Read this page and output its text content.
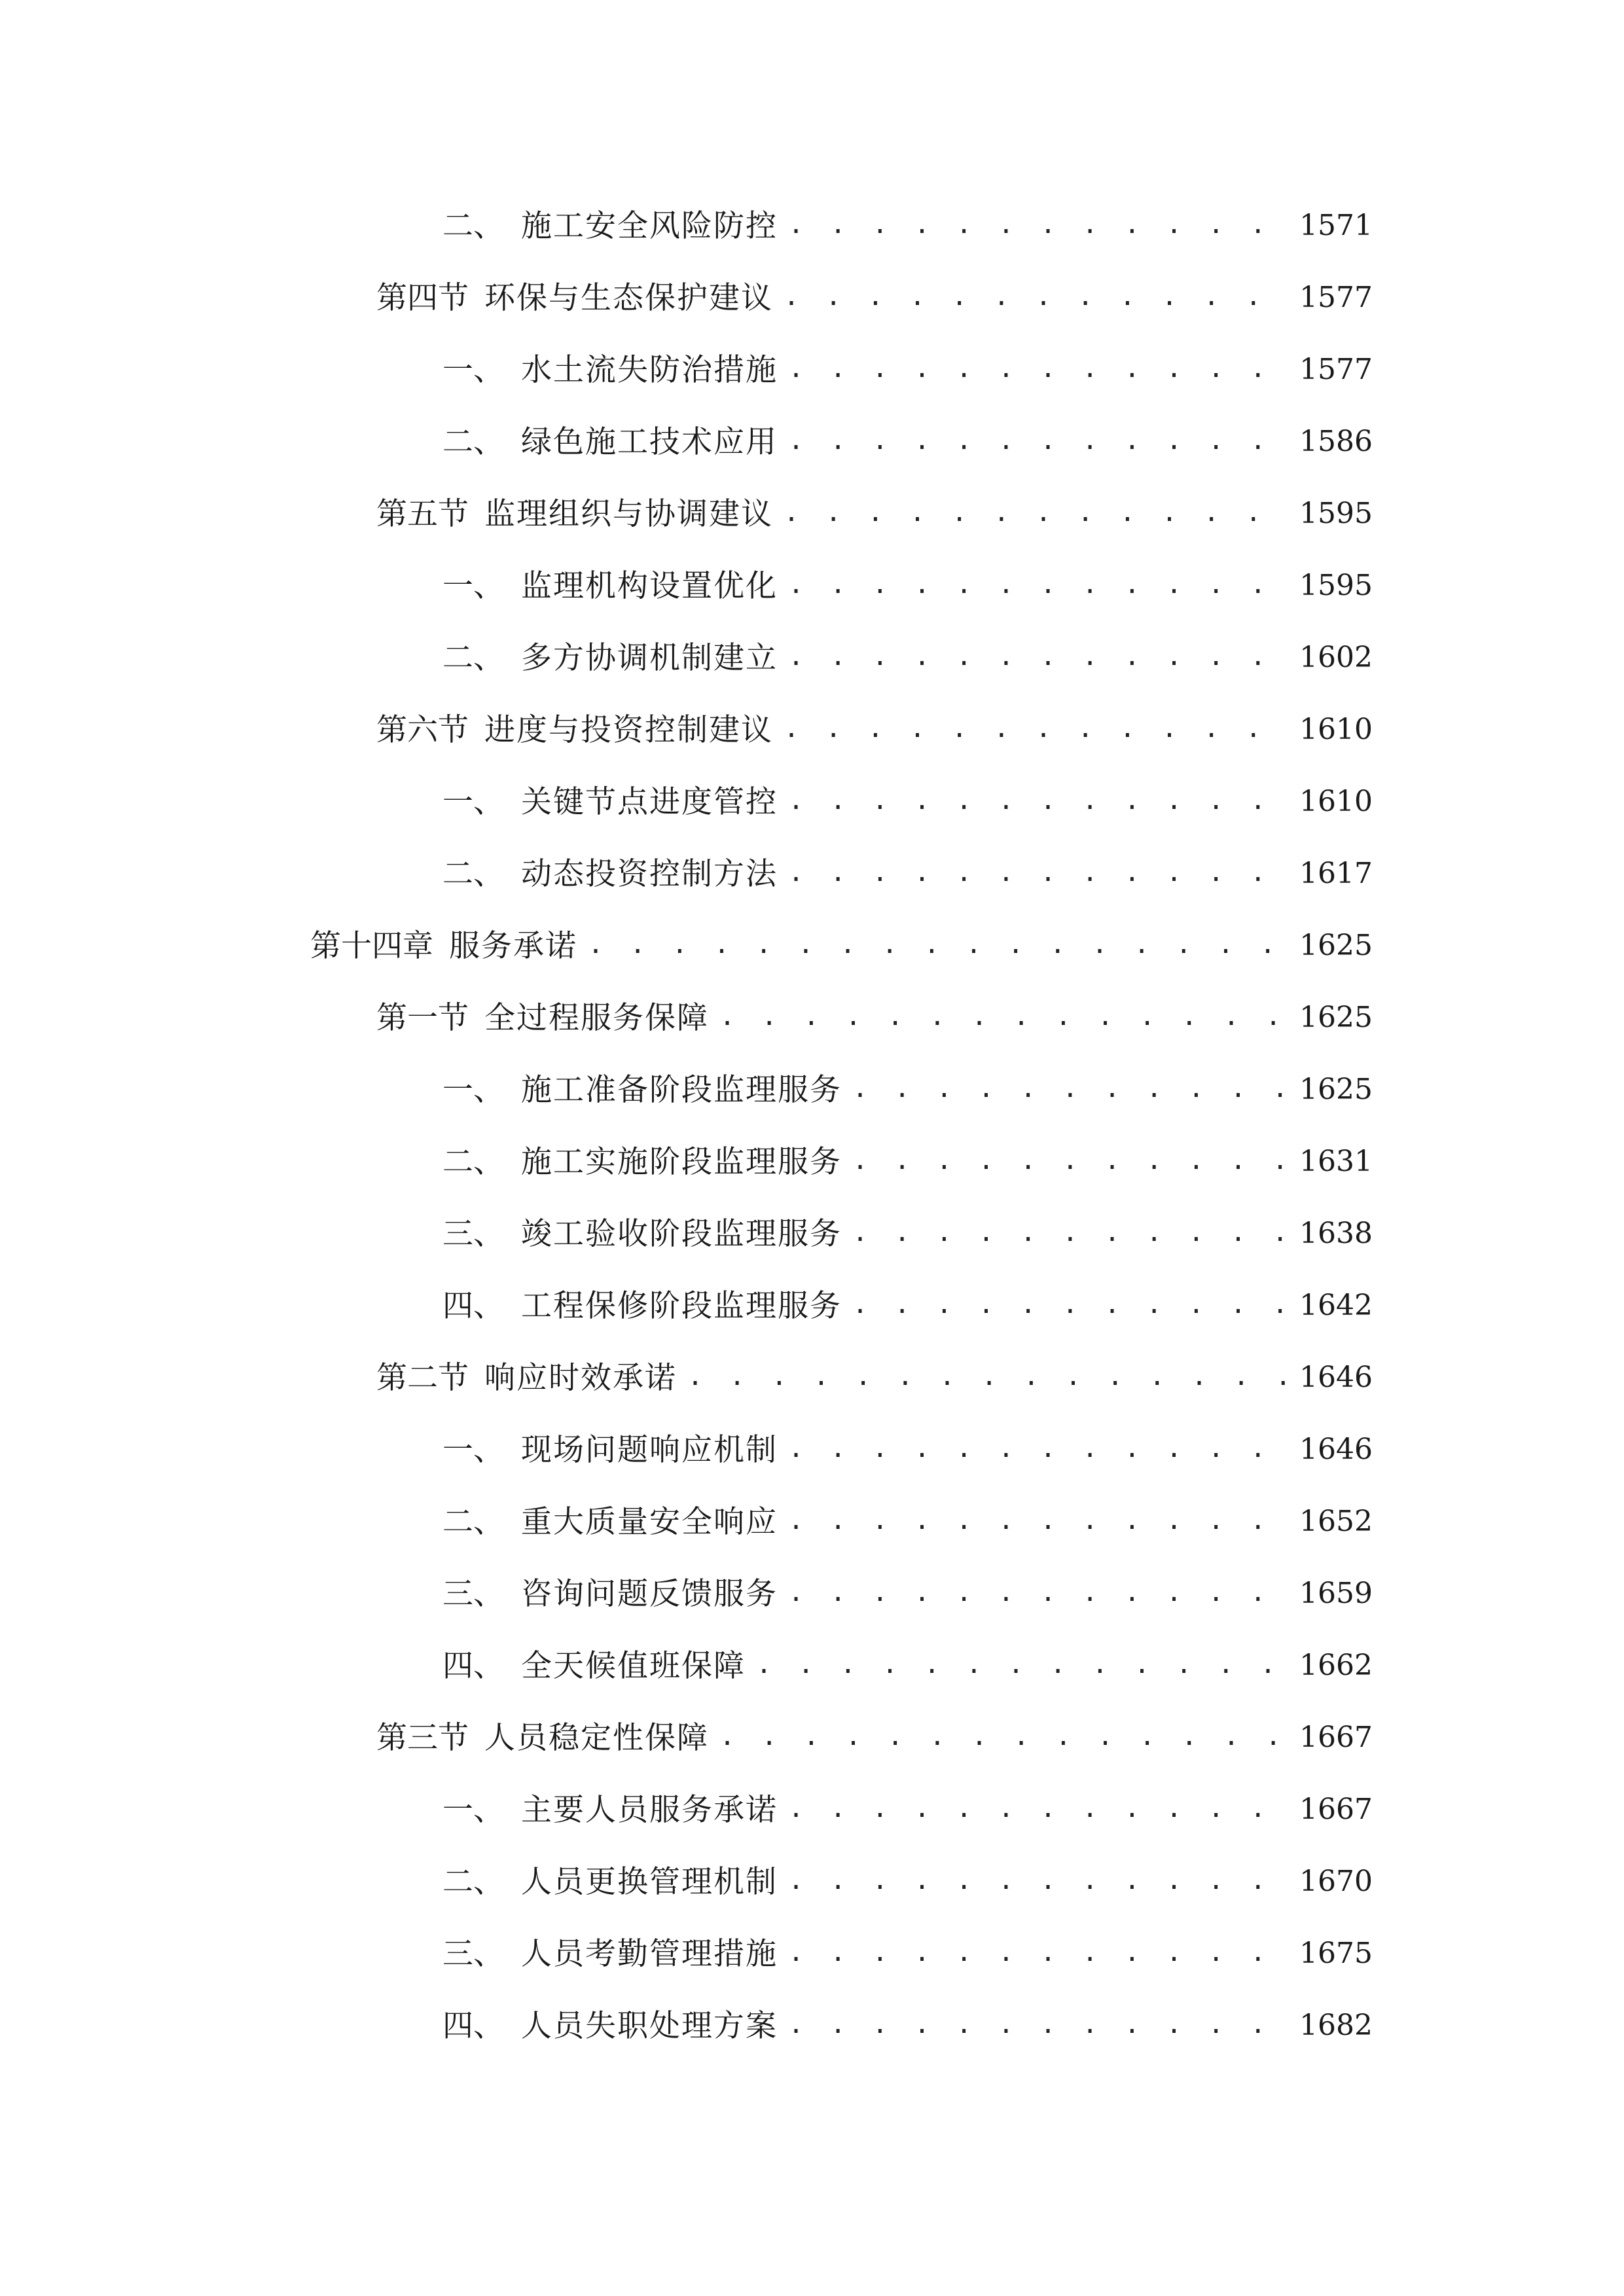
二、 施工安全风险防控 . . .	1571
第四节 环保与生态保护建议 . . .	1577
一、 水土流失防治措施 . . .	1577
二、 绿色施工技术应用 . . .	1586
第五节 监理组织与协调建议 . . .	1595
一、 监理机构设置优化 . . .	1595
二、 多方协调机制建立 . . .	1602
第六节 进度与投资控制建议 . . .	1610
一、 关键节点进度管控 . . .	1610
二、 动态投资控制方法 . . .	1617
第十四章 服务承诺 . . .	1625
第一节 全过程服务保障 . . .	1625
一、 施工准备阶段监理服务 . . .	1625
二、 施工实施阶段监理服务 . . .	1631
三、 竣工验收阶段监理服务 . . .	1638
四、 工程保修阶段监理服务 . . .	1642
第二节 响应时效承诺 . . .	1646
一、 现场问题响应机制 . . .	1646
二、 重大质量安全响应 . . .	1652
三、 咨询问题反馈服务 . . .	1659
四、 全天候值班保障 . . .	1662
第三节 人员稳定性保障 . . .	1667
一、 主要人员服务承诺 . . .	1667
二、 人员更换管理机制 . . .	1670
三、 人员考勤管理措施 . . .	1675
四、 人员失职处理方案 . . .	1682
